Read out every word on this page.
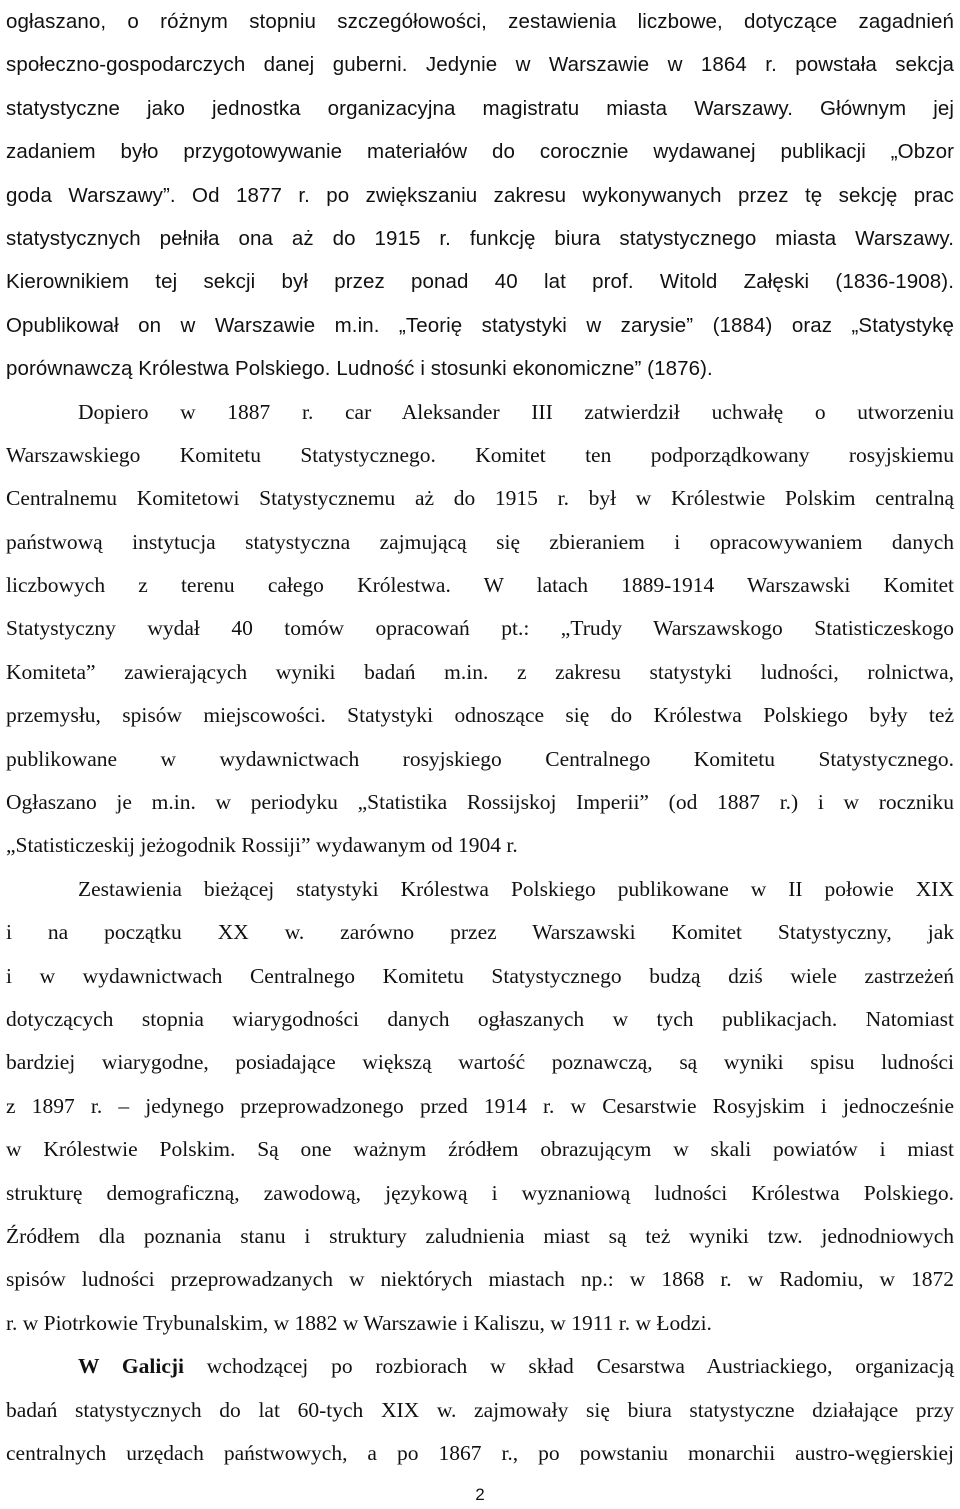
ogłaszano, o różnym stopniu szczegółowości, zestawienia liczbowe, dotyczące zagadnień
społeczno-gospodarczych danej guberni. Jedynie w Warszawie w 1864 r. powstała sekcja
statystyczne jako jednostka organizacyjna magistratu miasta Warszawy. Głównym jej
zadaniem było przygotowywanie materiałów do corocznie wydawanej publikacji „Obzor
goda Warszawy”. Od 1877 r. po zwiększaniu zakresu wykonywanych przez tę sekcję prac
statystycznych pełniła ona aż do 1915 r. funkcję biura statystycznego miasta Warszawy.
Kierownikiem tej sekcji był przez ponad 40 lat prof. Witold Załęski (1836-1908).
Opublikował on w Warszawie m.in. „Teorię statystyki w zarysie” (1884) oraz „Statystykę
porównawczą Królestwa Polskiego. Ludność i stosunki ekonomiczne” (1876).
Dopiero w 1887 r. car Aleksander III zatwierdził uchwałę o utworzeniu
Warszawskiego Komitetu Statystycznego. Komitet ten podporządkowany rosyjskiemu
Centralnemu Komitetowi Statystycznemu aż do 1915 r. był w Królestwie Polskim centralną
państwową instytucja statystyczna zajmującą się zbieraniem i opracowywaniem danych
liczbowych z terenu całego Królestwa. W latach 1889-1914 Warszawski Komitet
Statystyczny wydał 40 tomów opracowań pt.: „Trudy Warszawskogo Statisticzeskogo
Komiteta” zawierających wyniki badań m.in. z zakresu statystyki ludności, rolnictwa,
przemysłu, spisów miejscowości. Statystyki odnoszące się do Królestwa Polskiego były też
publikowane w wydawnictwach rosyjskiego Centralnego Komitetu Statystycznego.
Ogłaszano je m.in. w periodyku „Statistika Rossijskoj Imperii” (od 1887 r.) i w roczniku
„Statisticzeskij jeżogodnik Rossiji” wydawanym od 1904 r.
Zestawienia bieżącej statystyki Królestwa Polskiego publikowane w II połowie XIX
i na początku XX w. zarówno przez Warszawski Komitet Statystyczny, jak
i w wydawnictwach Centralnego Komitetu Statystycznego budzą dziś wiele zastrzeżeń
dotyczących stopnia wiarygodności danych ogłaszanych w tych publikacjach. Natomiast
bardziej wiarygodne, posiadające większą wartość poznawczą, są wyniki spisu ludności
z 1897 r. – jedynego przeprowadzonego przed 1914 r. w Cesarstwie Rosyjskim i jednocześnie
w Królestwie Polskim. Są one ważnym źródłem obrazującym w skali powiatów i miast
strukturę demograficzną, zawodową, językową i wyznaniową ludności Królestwa Polskiego.
Źródłem dla poznania stanu i struktury zaludnienia miast są też wyniki tzw. jednodniowych
spisów ludności przeprowadzanych w niektórych miastach np.: w 1868 r. w Radomiu, w 1872
r. w Piotrkowie Trybunalskim, w 1882 w Warszawie i Kaliszu, w 1911 r. w Łodzi.
W Galicji wchodzącej po rozbiorach w skład Cesarstwa Austriackiego, organizacją
badań statystycznych do lat 60-tych XIX w. zajmowały się biura statystyczne działające przy
centralnych urzędach państwowych, a po 1867 r., po powstaniu monarchii austro-węgierskiej
2
